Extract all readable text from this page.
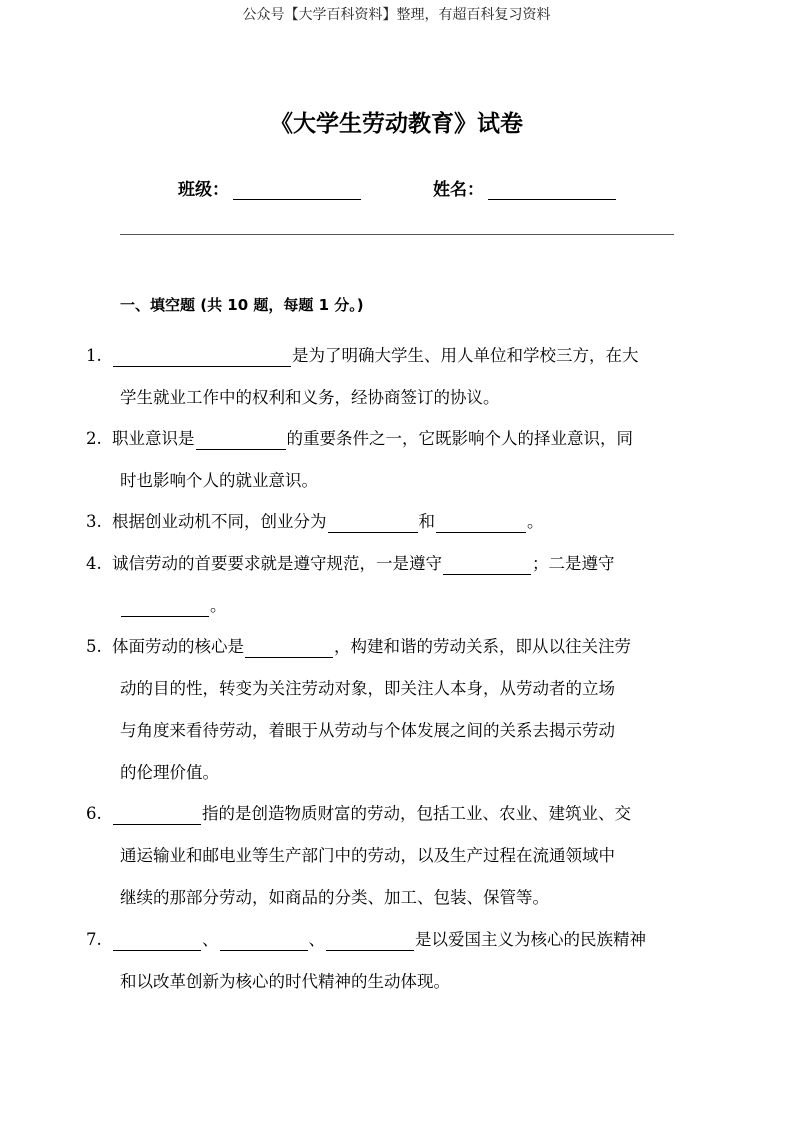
公众号【大学百科资料】整理，有超百科复习资料
《大学生劳动教育》试卷
班级：	姓名：
一、填空题 (共 10 题，每题 1 分。)
1.	是为了明确大学生、用人单位和学校三方，在大
学生就业工作中的权利和义务，经协商签订的协议。
2. 职业意识是	的重要条件之一，它既影响个人的择业意识，同
时也影响个人的就业意识。
3. 根据创业动机不同，创业分为	和	。
4. 诚信劳动的首要要求就是遵守规范，一是遵守	；二是遵守
。
5. 体面劳动的核心是	，构建和谐的劳动关系，即从以往关注劳
动的目的性，转变为关注劳动对象，即关注人本身，从劳动者的立场
与角度来看待劳动，着眼于从劳动与个体发展之间的关系去揭示劳动
的伦理价值。
6.	指的是创造物质财富的劳动，包括工业、农业、建筑业、交
通运输业和邮电业等生产部门中的劳动，以及生产过程在流通领域中
继续的那部分劳动，如商品的分类、加工、包装、保管等。
7.	、	、	是以爱国主义为核心的民族精神
和以改革创新为核心的时代精神的生动体现。
